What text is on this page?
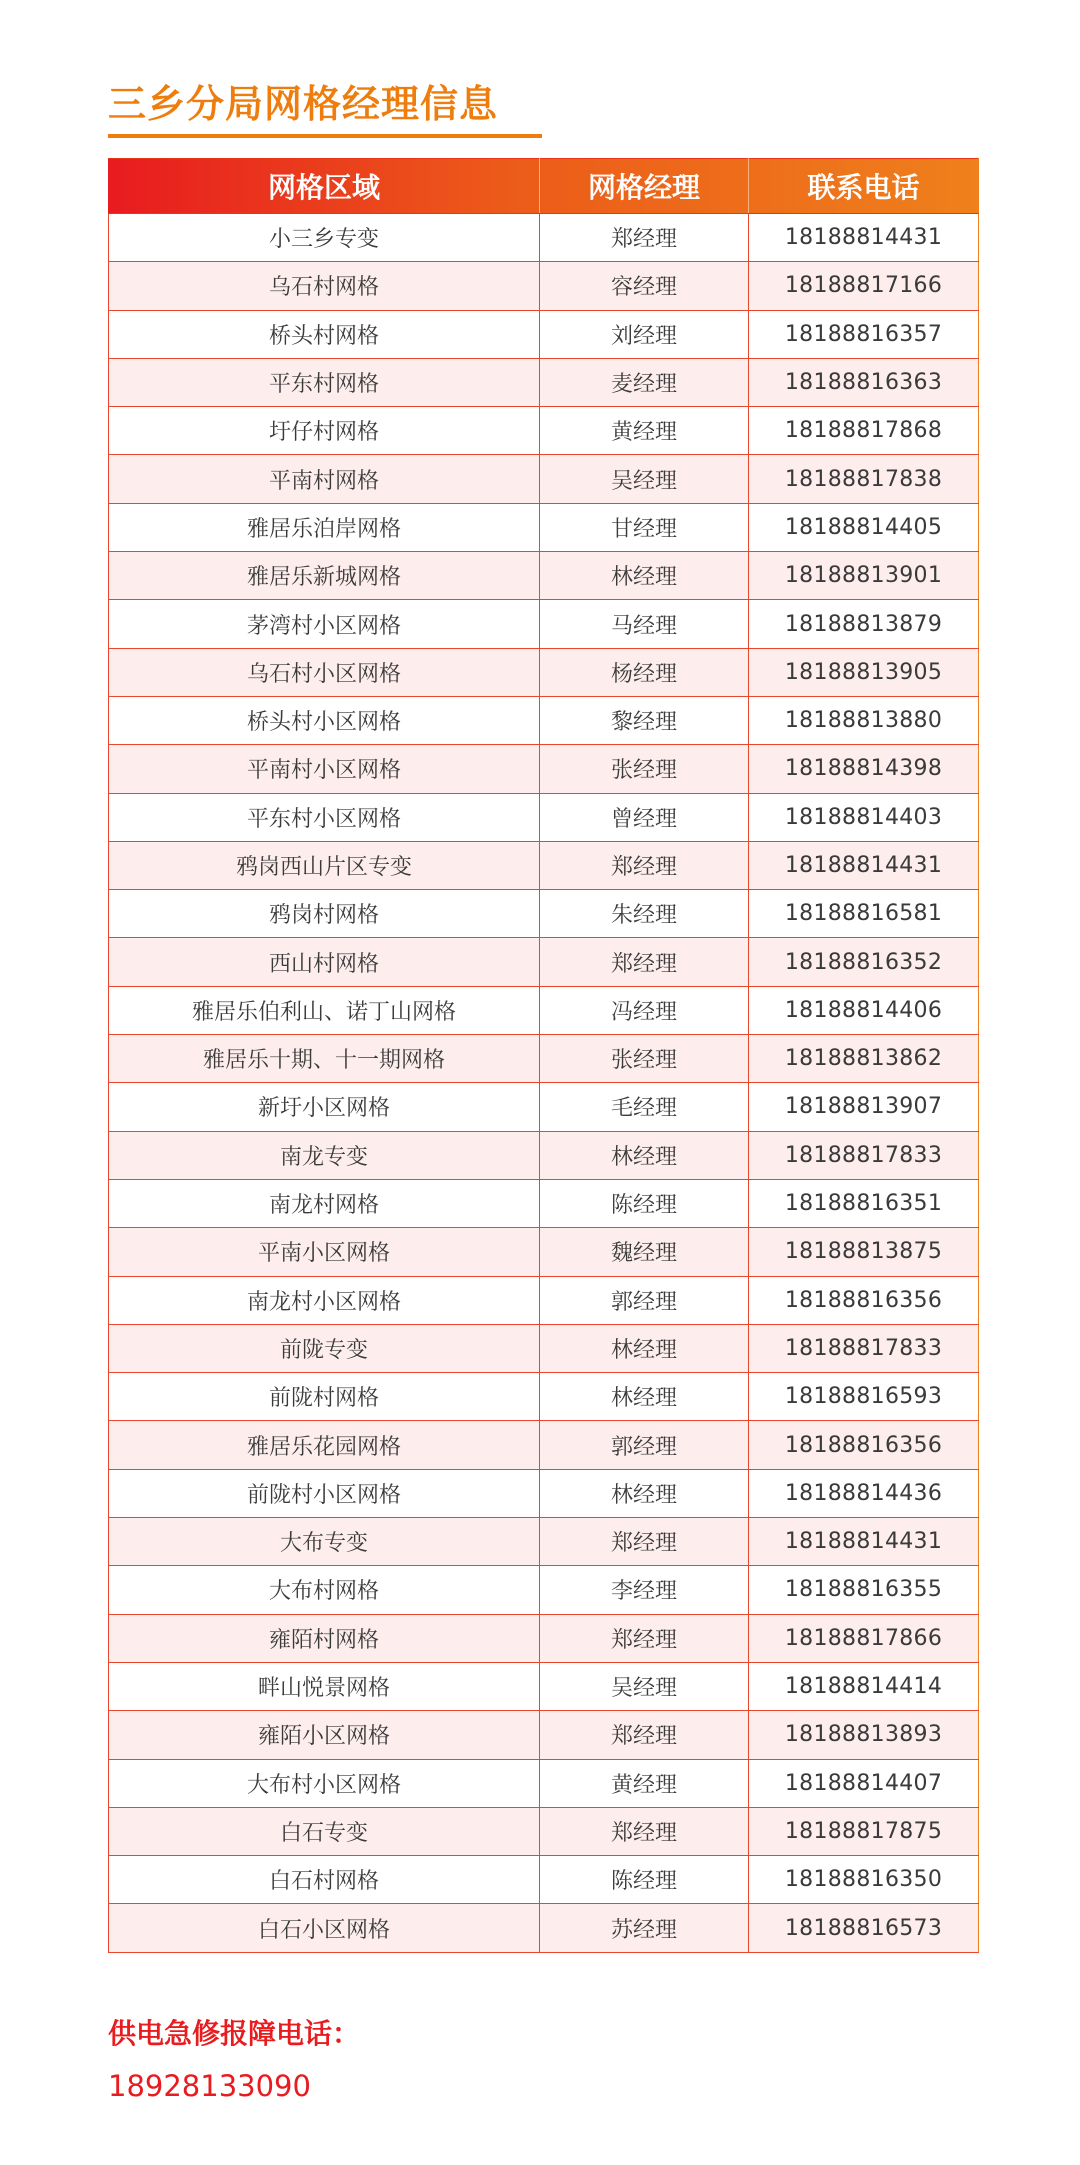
三乡分局网格经理信息
网格区域	网格经理	联系电话
小三乡专变	郑经理	18188814431
乌石村网格	容经理	18188817166
桥头村网格	刘经理	18188816357
平东村网格	麦经理	18188816363
圩仔村网格	黄经理	18188817868
平南村网格	吴经理	18188817838
雅居乐泊岸网格	甘经理	18188814405
雅居乐新城网格	林经理	18188813901
茅湾村小区网格	马经理	18188813879
乌石村小区网格	杨经理	18188813905
桥头村小区网格	黎经理	18188813880
平南村小区网格	张经理	18188814398
平东村小区网格	曾经理	18188814403
鸦岗西山片区专变	郑经理	18188814431
鸦岗村网格	朱经理	18188816581
西山村网格	郑经理	18188816352
雅居乐伯利山、诺丁山网格	冯经理	18188814406
雅居乐十期、十一期网格	张经理	18188813862
新圩小区网格	毛经理	18188813907
南龙专变	林经理	18188817833
南龙村网格	陈经理	18188816351
平南小区网格	魏经理	18188813875
南龙村小区网格	郭经理	18188816356
前陇专变	林经理	18188817833
前陇村网格	林经理	18188816593
雅居乐花园网格	郭经理	18188816356
前陇村小区网格	林经理	18188814436
大布专变	郑经理	18188814431
大布村网格	李经理	18188816355
雍陌村网格	郑经理	18188817866
畔山悦景网格	吴经理	18188814414
雍陌小区网格	郑经理	18188813893
大布村小区网格	黄经理	18188814407
白石专变	郑经理	18188817875
白石村网格	陈经理	18188816350
白石小区网格	苏经理	18188816573

供电急修报障电话：

18928133090
